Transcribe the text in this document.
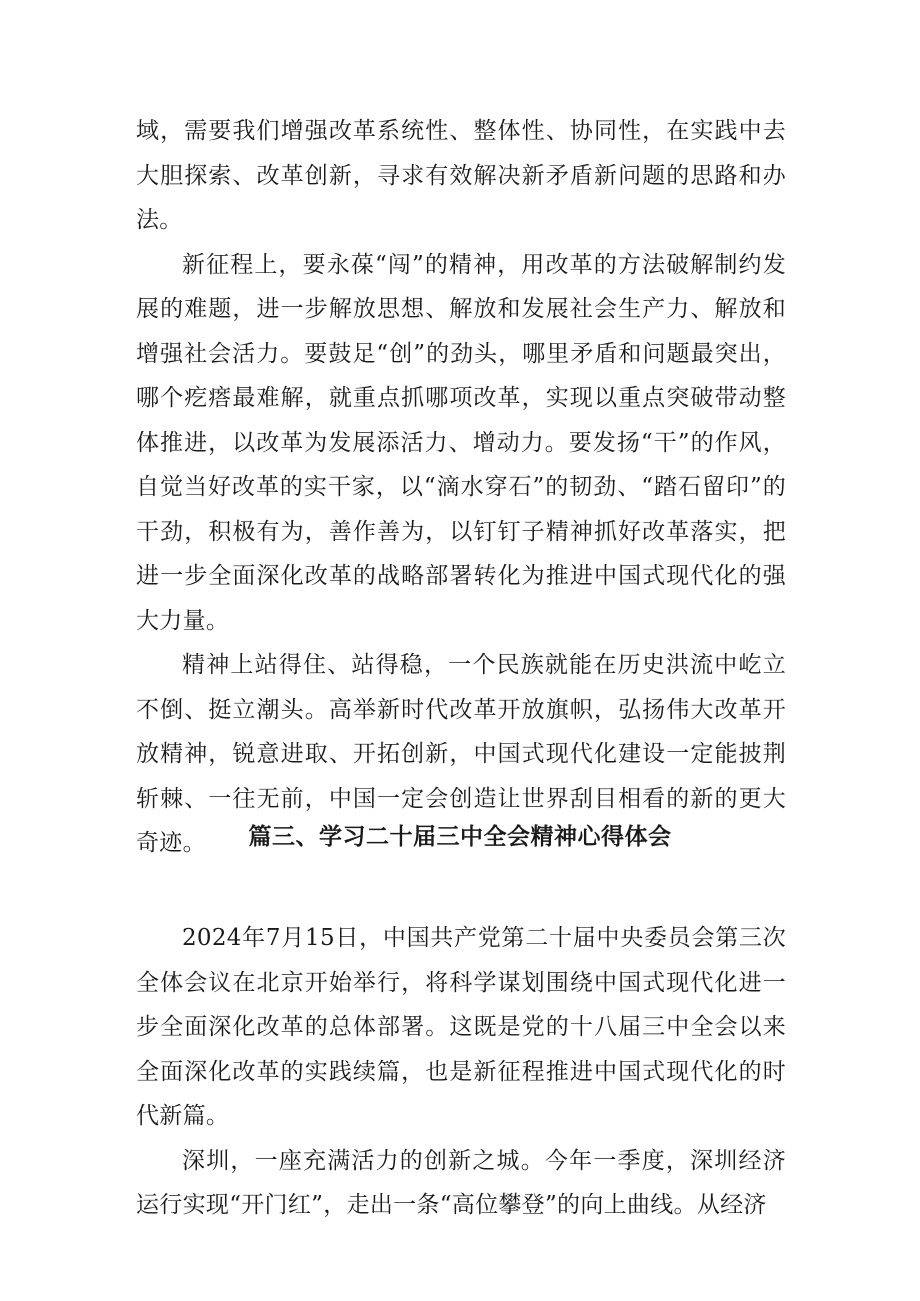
域，需要我们增强改革系统性、整体性、协同性，在实践中去大胆探索、改革创新，寻求有效解决新矛盾新问题的思路和办法。

新征程上，要永葆“闯”的精神，用改革的方法破解制约发展的难题，进一步解放思想、解放和发展社会生产力、解放和增强社会活力。要鼓足“创”的劲头，哪里矛盾和问题最突出，哪个疙瘩最难解，就重点抓哪项改革，实现以重点突破带动整体推进，以改革为发展添活力、增动力。要发扬“干”的作风，自觉当好改革的实干家，以“滴水穿石”的韧劲、“踏石留印”的干劲，积极有为，善作善为，以钉钉子精神抓好改革落实，把进一步全面深化改革的战略部署转化为推进中国式现代化的强大力量。

精神上站得住、站得稳，一个民族就能在历史洪流中屹立不倒、挺立潮头。高举新时代改革开放旗帜，弘扬伟大改革开放精神，锐意进取、开拓创新，中国式现代化建设一定能披荆斩棘、一往无前，中国一定会创造让世界刮目相看的新的更大奇迹。	篇三、学习二十届三中全会精神心得体会

2024年7月15日，中国共产党第二十届中央委员会第三次全体会议在北京开始举行，将科学谋划围绕中国式现代化进一步全面深化改革的总体部署。这既是党的十八届三中全会以来全面深化改革的实践续篇，也是新征程推进中国式现代化的时代新篇。

深圳，一座充满活力的创新之城。今年一季度，深圳经济运行实现“开门红”，走出一条“高位攀登”的向上曲线。从经济
